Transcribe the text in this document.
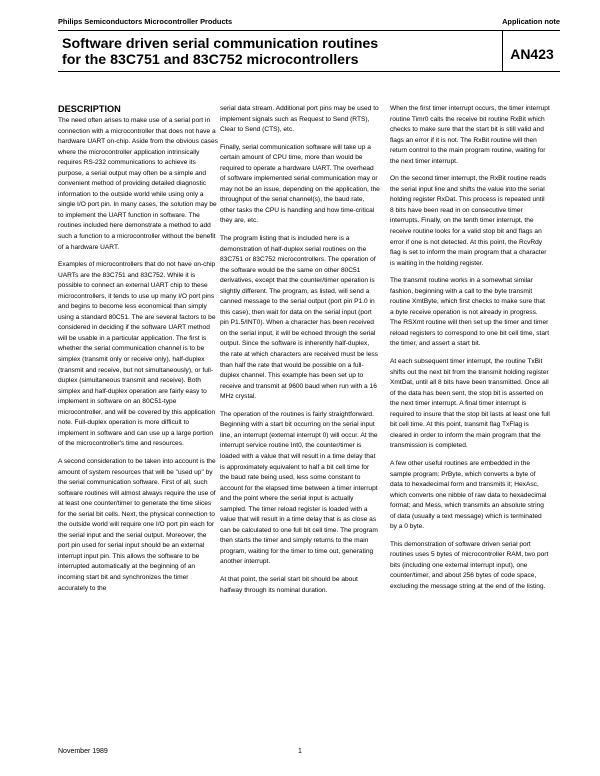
Philips Semiconductors Microcontroller Products	Application note
Software driven serial communication routines
for the 83C751 and 83C752 microcontrollers	AN423
DESCRIPTION

The need often arises to make use of a serial port in connection with a microcontroller that does not have a hardware UART on-chip. Aside from the obvious cases where the microcontroller application intrinsically requires RS-232 communications to achieve its purpose, a serial output may often be a simple and convenient method of providing detailed diagnostic information to the outside world while using only a single I/O port pin. In many cases, the solution may be to implement the UART function in software. The routines included here demonstrate a method to add such a function to a microcontroller without the benefit of a hardware UART.

Examples of microcontrollers that do not have on-chip UARTs are the 83C751 and 83C752. While it is possible to connect an external UART chip to these microcontrollers, it tends to use up many I/O port pins and begins to become less economical than simply using a standard 80C51. The are several factors to be considered in deciding if the software UART method will be usable in a particular application. The first is whether the serial communication channel is to be simplex (transmit only or receive only), half-duplex (transmit and receive, but not simultaneously), or full-duplex (simultaneous transmit and receive). Both simplex and half-duplex operation are fairly easy to implement in software on an 80C51-type microcontroller, and will be covered by this application note. Full-duplex operation is more difficult to implement in software and can use up a large portion of the microcontroller's time and resources.

A second consideration to be taken into account is the amount of system resources that will be "used up" by the serial communication software. First of all, such software routines will almost always require the use of at least one counter/timer to generate the time slices for the serial bit cells. Next, the physical connection to the outside world will require one I/O port pin each for the serial input and the serial output. Moreover, the port pin used for serial input should be an external interrupt input pin. This allows the software to be interrupted automatically at the beginning of an incoming start bit and synchronizes the timer accurately to the

serial data stream. Additional port pins may be used to implement signals such as Request to Send (RTS), Clear to Send (CTS), etc.

Finally, serial communication software will take up a certain amount of CPU time, more than would be required to operate a hardware UART. The overhead of software implemented serial communication may or may not be an issue, depending on the application, the throughput of the serial channel(s), the baud rate, other tasks the CPU is handling and how time-critical they are, etc.

The program listing that is included here is a demonstration of half-duplex serial routines on the 83C751 or 83C752 microcontrollers. The operation of the software would be the same on other 80C51 derivatives, except that the counter/timer operation is slightly different. The program, as listed, will send a canned message to the serial output (port pin P1.0 in this case), then wait for data on the serial input (port pin P1.5/INT0). When a character has been received on the serial input, it will be echoed through the serial output. Since the software is inherently half-duplex, the rate at which characters are received must be less than half the rate that would be possible on a full-duplex channel. This example has been set up to receive and transmit at 9600 baud when run with a 16 MHz crystal.

The operation of the routines is fairly straightforward. Beginning with a start bit occurring on the serial input line, an interrupt (external interrupt 0) will occur. At the interrupt service routine Int0, the counter/timer is loaded with a value that will result in a time delay that is approximately equivalent to half a bit cell time for the baud rate being used, less some constant to account for the elapsed time between a timer interrupt and the point where the serial input is actually sampled. The timer reload register is loaded with a value that will result in a time delay that is as close as can be calculated to one full bit cell time. The program then starts the timer and simply returns to the main program, waiting for the timer to time out, generating another interrupt.

At that point, the serial start bit should be about halfway through its nominal duration.

When the first timer interrupt occurs, the timer interrupt routine Timr0 calls the receive bit routine RxBit which checks to make sure that the start bit is still valid and flags an error if it is not. The RxBit routine will then return control to the main program routine, waiting for the next timer interrupt.

On the second timer interrupt, the RxBit routine reads the serial input line and shifts the value into the serial holding register RxDat. This process is repeated until 8 bits have been read in on consecutive timer interrupts. Finally, on the tenth timer interrupt, the receive routine looks for a valid stop bit and flags an error if one is not detected. At this point, the RcvRdy flag is set to inform the main program that a character is waiting in the holding register.

The transmit routine works in a somewhat similar fashion, beginning with a call to the byte transmit routine XmtByte, which first checks to make sure that a byte receive operation is not already in progress. The RSXmt routine will then set up the timer and timer reload registers to correspond to one bit cell time, start the timer, and assert a start bit.

At each subsequent timer interrupt, the routine TxBit shifts out the next bit from the transmit holding register XmtDat, until all 8 bits have been transmitted. Once all of the data has been sent, the stop bit is asserted on the next timer interrupt. A final timer interrupt is required to insure that the stop bit lasts at least one full bit cell time. At this point, transmit flag TxFlag is cleared in order to inform the main program that the transmission is completed.

A few other useful routines are embedded in the sample program: PrByte, which converts a byte of data to hexadecimal form and transmits it; HexAsc, which converts one nibble of raw data to hexadecimal format; and Mess, which transmits an absolute string of data (usually a text message) which is terminated by a 0 byte.

This demonstration of software driven serial port routines uses 5 bytes of microcontroller RAM, two port bits (including one external interrupt input), one counter/timer, and about 256 bytes of code space, excluding the message string at the end of the listing.

November 1989	1
